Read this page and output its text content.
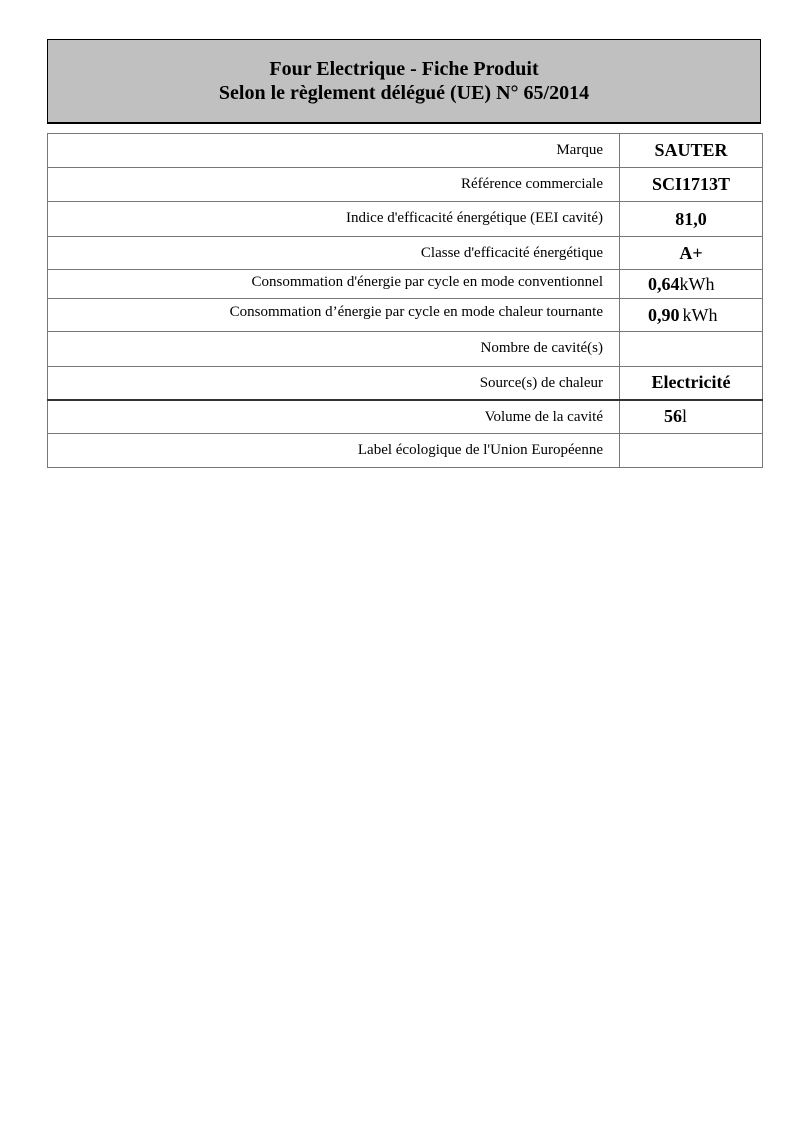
Four Electrique - Fiche Produit
Selon le règlement délégué (UE) N° 65/2014
Marque	SAUTER
Référence commerciale	SCI1713T
Indice d'efficacité énergétique (EEI cavité)	81,0
Classe d'efficacité énergétique	A+
Consommation d'énergie par cycle en mode conventionnel	0,64kWh
Consommation d’énergie par cycle en mode chaleur tournante	0,90 kWh
Nombre de cavité(s)	
Source(s) de chaleur	Electricité
Volume de la cavité	56l
Label écologique de l'Union Européenne	
